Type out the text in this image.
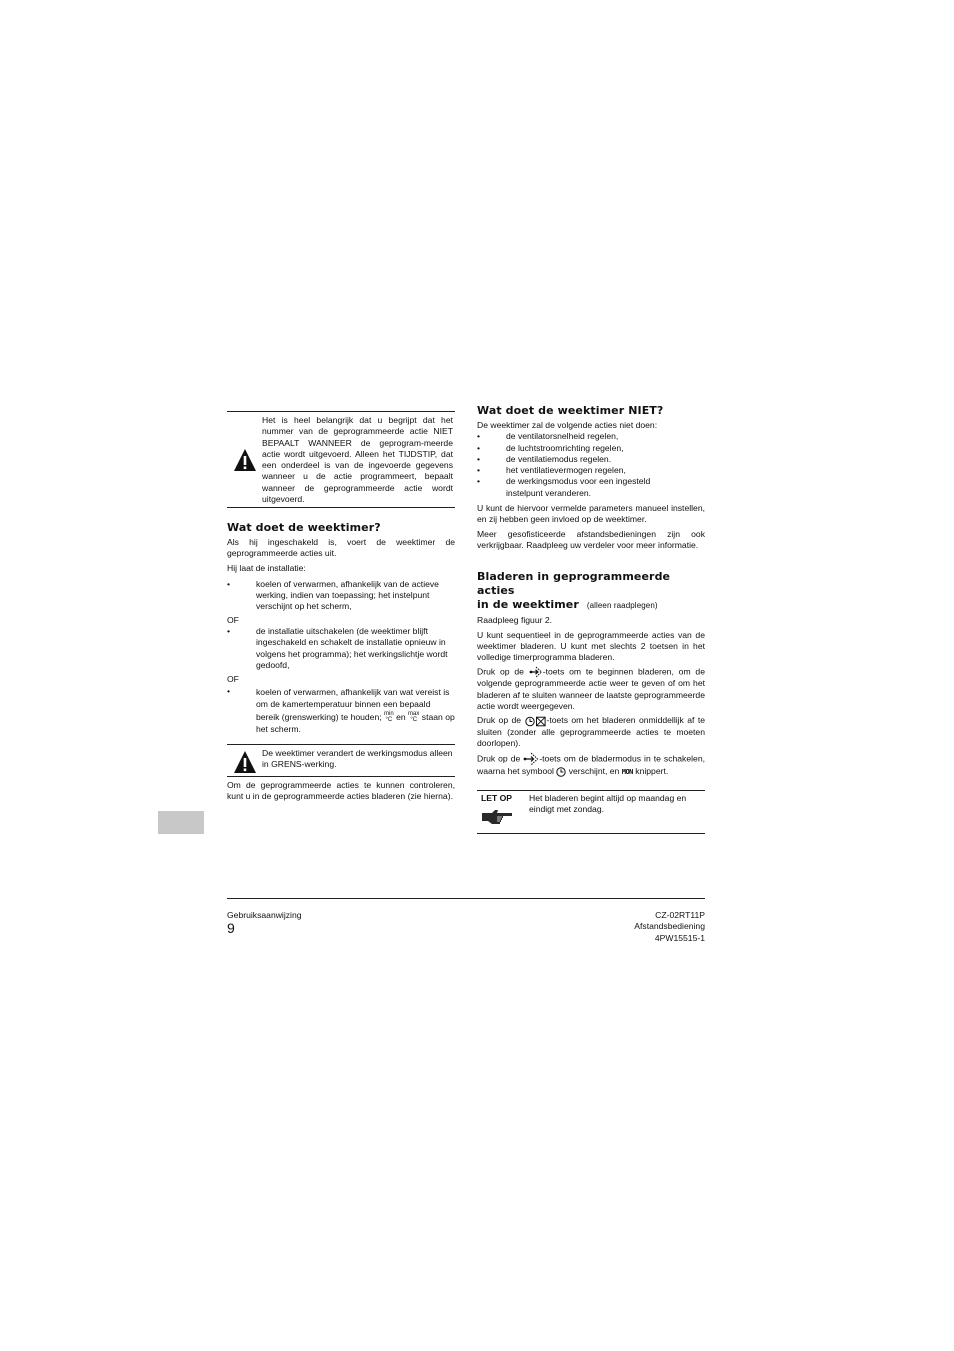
Het is heel belangrijk dat u begrijpt dat het nummer van de geprogrammeerde actie NIET BEPAALT WANNEER de geprogram-meerde actie wordt uitgevoerd. Alleen het TIJDSTIP, dat een onderdeel is van de ingevoerde gegevens wanneer u de actie programmeert, bepaalt wanneer de geprogrammeerde actie wordt uitgevoerd.
Wat doet de weektimer?

Als hij ingeschakeld is, voert de weektimer de geprogrammeerde acties uit.

Hij laat de installatie:

•	koelen of verwarmen, afhankelijk van de actieve werking, indien van toepassing; het instelpunt verschijnt op het scherm,

OF

•	de installatie uitschakelen (de weektimer blijft ingeschakeld en schakelt de installatie opnieuw in volgens het programma); het werkingslichtje wordt gedoofd,

OF

•	koelen of verwarmen, afhankelijk van wat vereist is om de kamertemperatuur binnen een bepaald bereik (grenswerking) te houden; min
°C en max
°C staan op het scherm.
De weektimer verandert de werkingsmodus alleen in GRENS-werking.

Om de geprogrammeerde acties te kunnen controleren, kunt u in de geprogrammeerde acties bladeren (zie hierna).

Wat doet de weektimer NIET?

De weektimer zal de volgende acties niet doen:

•	de ventilatorsnelheid regelen,
•	de luchtstroomrichting regelen,
•	de ventilatiemodus regelen.
•	het ventilatievermogen regelen,
•	de werkingsmodus voor een ingesteld instelpunt veranderen.

U kunt de hiervoor vermelde parameters manueel instellen, en zij hebben geen invloed op de weektimer.

Meer gesofisticeerde afstandsbedieningen zijn ook verkrijgbaar. Raadpleeg uw verdeler voor meer informatie.

Bladeren in geprogrammeerde acties
in de weektimer (alleen raadplegen)

Raadpleeg figuur 2.

U kunt sequentieel in de geprogrammeerde acties van de weektimer bladeren. U kunt met slechts 2 toetsen in het volledige timerprogramma bladeren.

Druk op de -toets om te beginnen bladeren, om de volgende geprogrammeerde actie weer te geven of om het bladeren af te sluiten wanneer de laatste geprogrammeerde actie wordt weergegeven.

Druk op de	-toets om het bladeren onmiddellijk af te sluiten (zonder alle geprogrammeerde acties te moeten doorlopen).

Druk op de -toets om de bladermodus in te schakelen, waarna het symbool verschijnt, en MON knippert.

LET OP	Het bladeren begint altijd op maandag en eindigt met zondag.
Gebruiksaanwijzing
9
CZ-02RT11P
Afstandsbediening
4PW15515-1
